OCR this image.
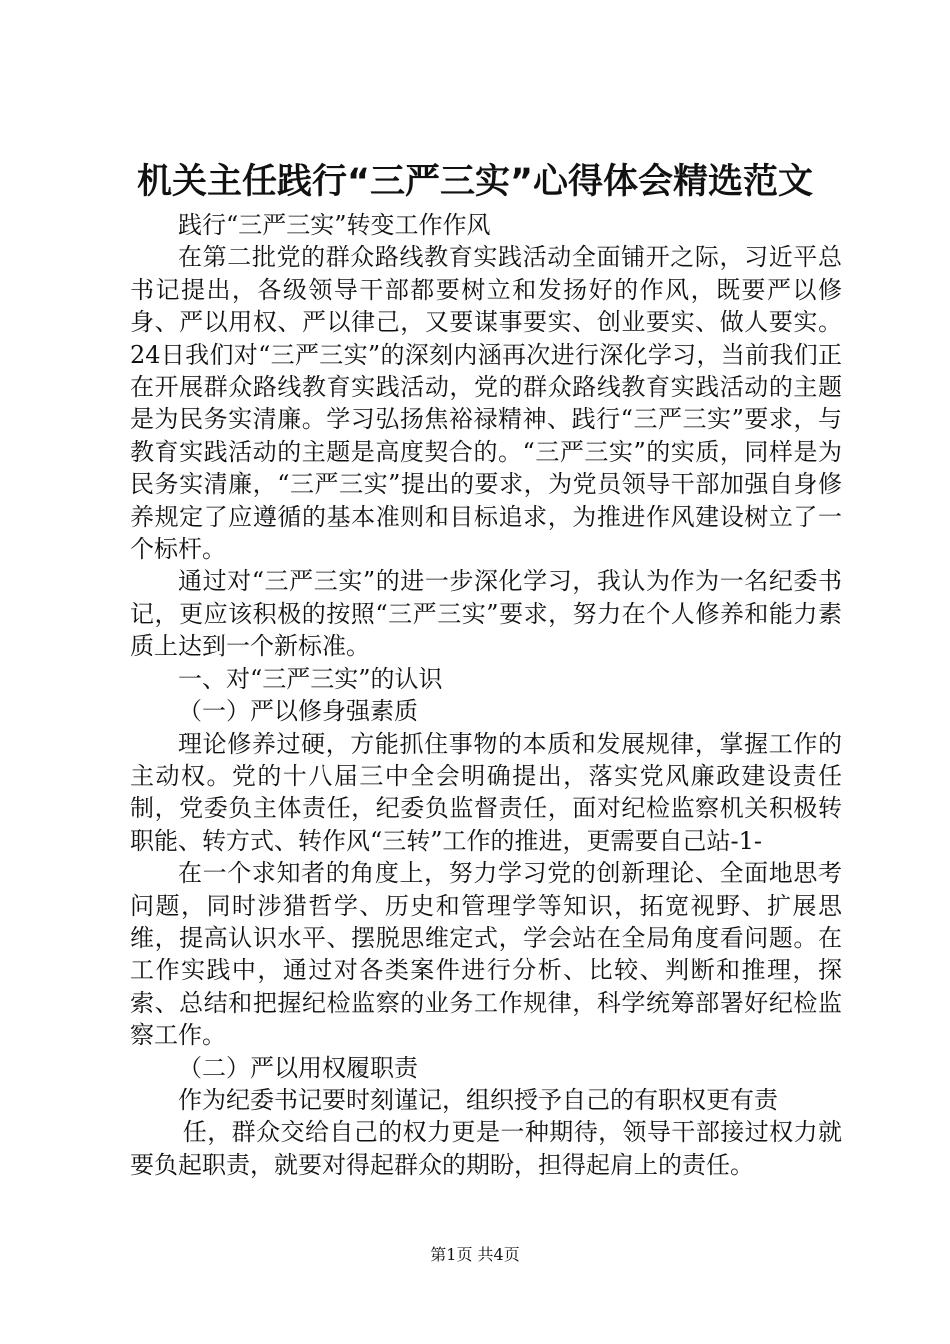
机关主任践行“三严三实”心得体会精选范文

践行“三严三实”转变工作作风

在第二批党的群众路线教育实践活动全面铺开之际，习近平总书记提出，各级领导干部都要树立和发扬好的作风，既要严以修身、严以用权、严以律己，又要谋事要实、创业要实、做人要实。24日我们对“三严三实”的深刻内涵再次进行深化学习，当前我们正在开展群众路线教育实践活动，党的群众路线教育实践活动的主题是为民务实清廉。学习弘扬焦裕禄精神、践行“三严三实”要求，与教育实践活动的主题是高度契合的。“三严三实”的实质，同样是为民务实清廉，“三严三实”提出的要求，为党员领导干部加强自身修养规定了应遵循的基本准则和目标追求，为推进作风建设树立了一个标杆。

通过对“三严三实”的进一步深化学习，我认为作为一名纪委书记，更应该积极的按照“三严三实”要求，努力在个人修养和能力素质上达到一个新标准。

一、对“三严三实”的认识

（一）严以修身强素质

理论修养过硬，方能抓住事物的本质和发展规律，掌握工作的主动权。党的十八届三中全会明确提出，落实党风廉政建设责任制，党委负主体责任，纪委负监督责任，面对纪检监察机关积极转职能、转方式、转作风“三转”工作的推进，更需要自己站-1-

在一个求知者的角度上，努力学习党的创新理论、全面地思考问题，同时涉猎哲学、历史和管理学等知识，拓宽视野、扩展思维，提高认识水平、摆脱思维定式，学会站在全局角度看问题。在工作实践中，通过对各类案件进行分析、比较、判断和推理，探索、总结和把握纪检监察的业务工作规律，科学统筹部署好纪检监察工作。

（二）严以用权履职责

作为纪委书记要时刻谨记，组织授予自己的有职权更有责

任，群众交给自己的权力更是一种期待，领导干部接过权力就要负起职责，就要对得起群众的期盼，担得起肩上的责任。

第1页 共4页
